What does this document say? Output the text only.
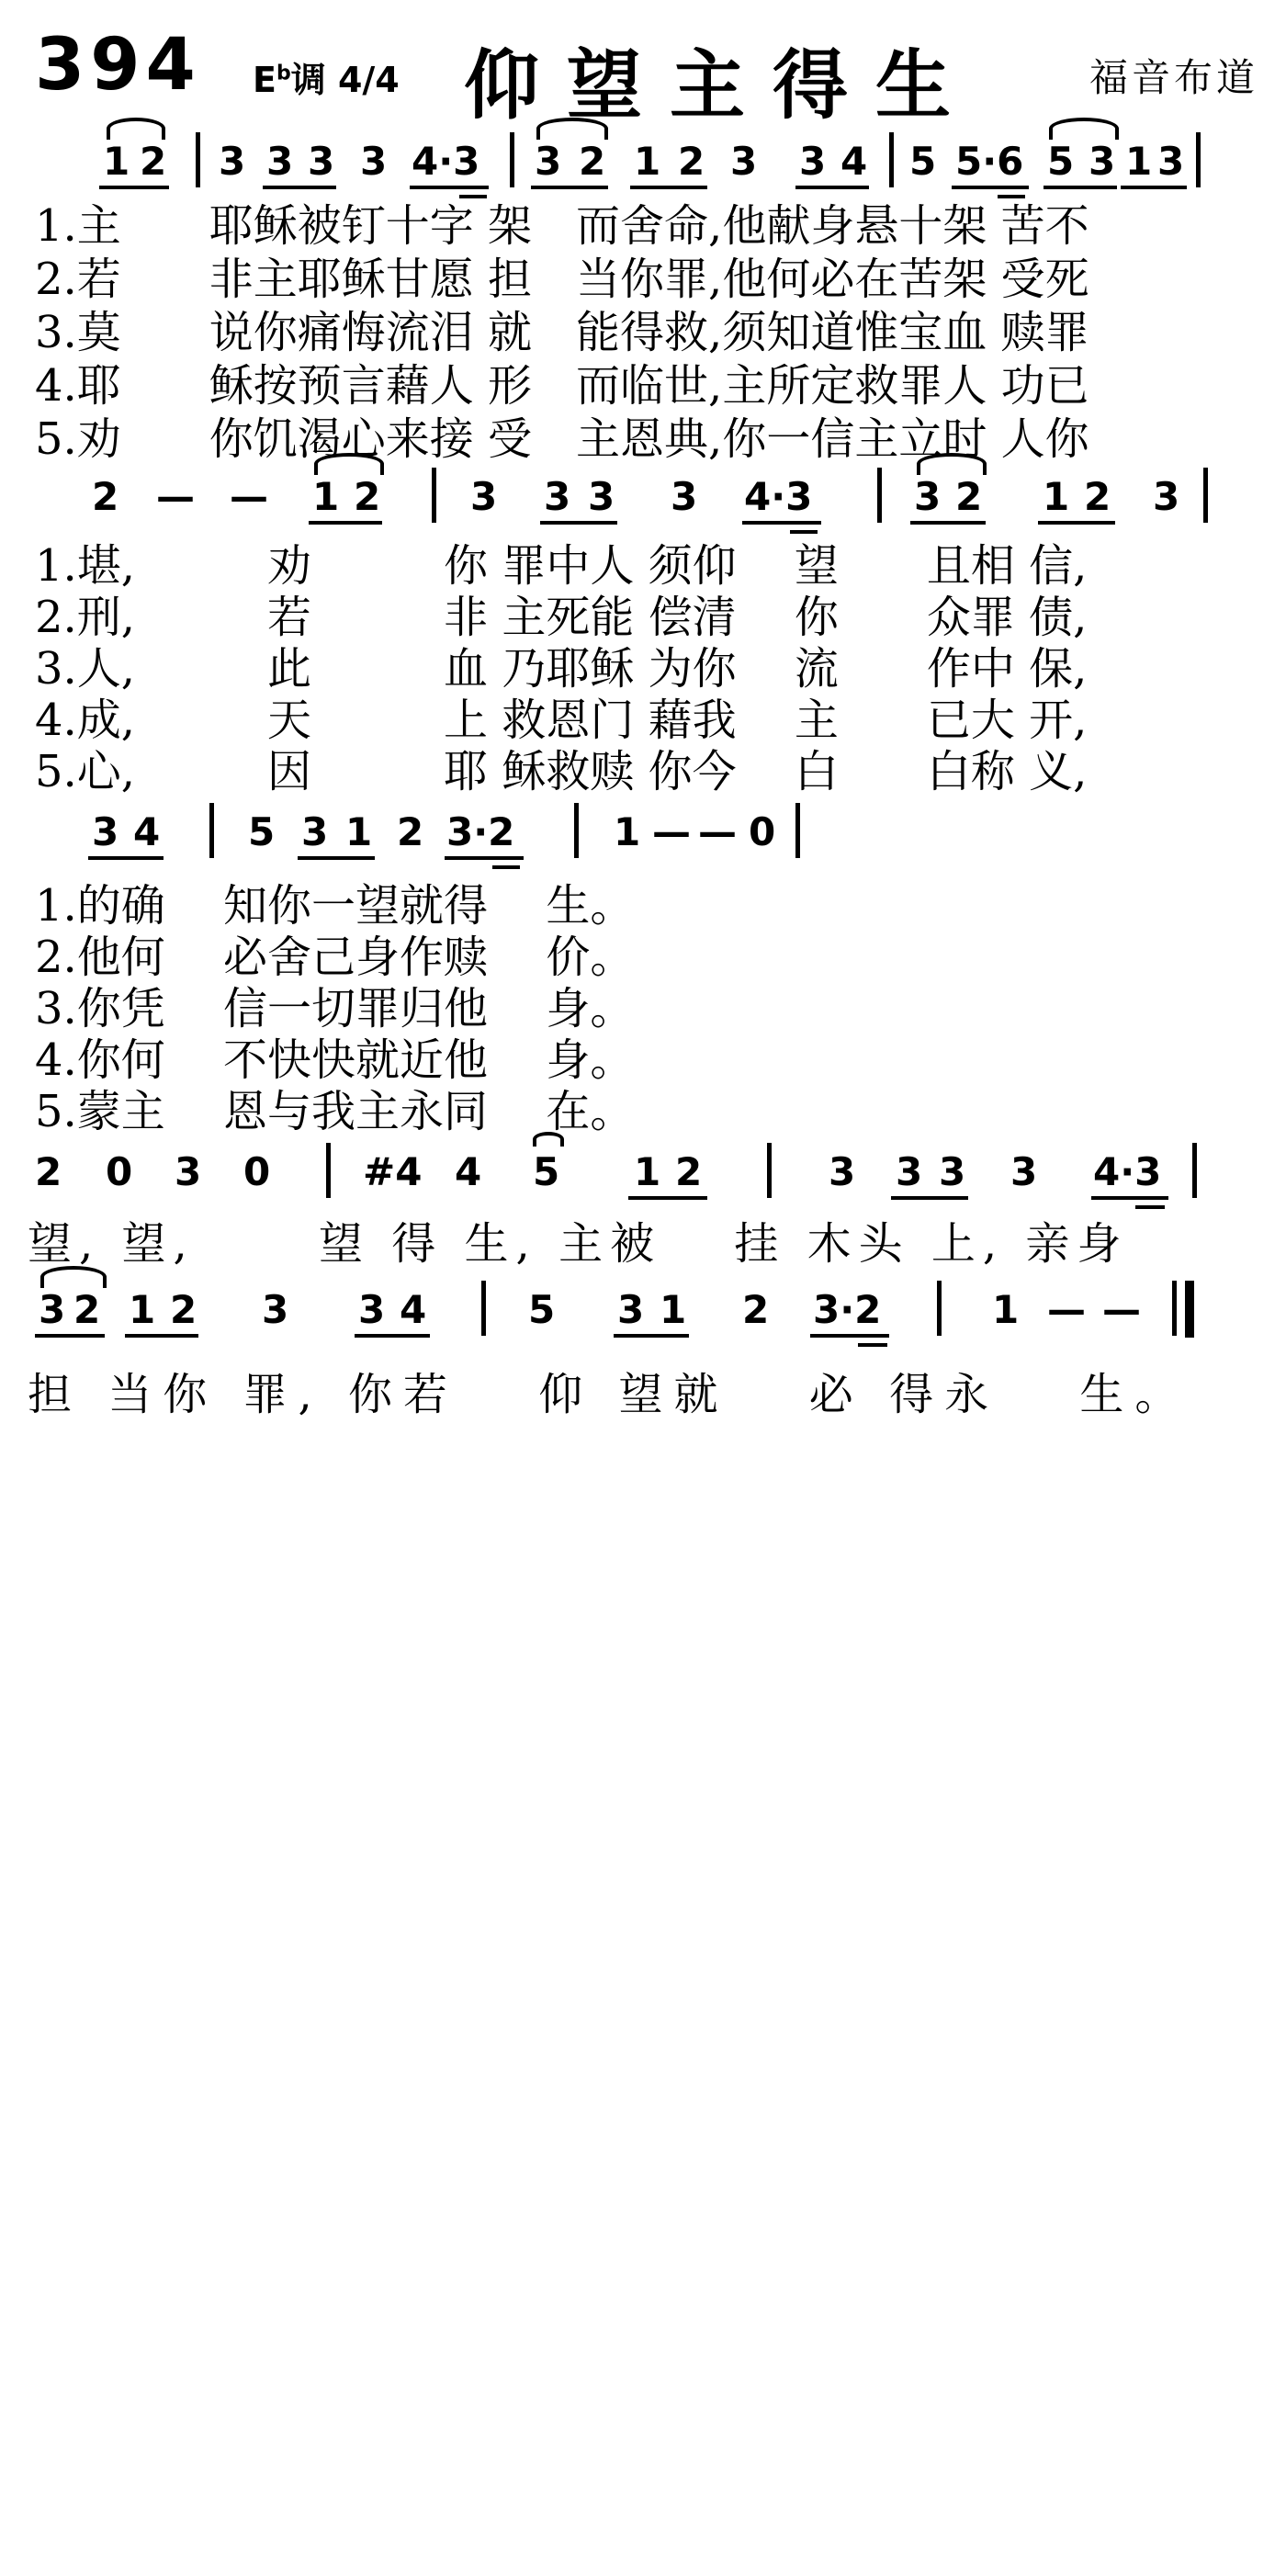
394 $E^b$调 4/4 仰望主得生	福音布道

1

2

3

3

3

3

4·3

3

2

1

2

3

3

4

5

5·6

5

3

1

3

1.主　　耶稣被钉十字 架　而舍命,他献身悬十架 苦不

2.若　　非主耶稣甘愿 担　当你罪,他何必在苦架 受死

3.莫　　说你痛悔流泪 就　能得救,须知道惟宝血 赎罪

4.耶　　稣按预言藉人 形　而临世,主所定救罪人 功已

5.劝　　你饥渴心来接 受　主恩典,你一信主立时 人你

2

—

—

1

2

3

3

3

3

4·3

	3

2

1

2

3

1.堪,　　　劝　　　你 罪中人 须仰　 望　　且相 信,

2.刑,　　　若　　　非 主死能 偿清　 你　　众罪 债,

3.人,　　　此　　　血 乃耶稣 为你　 流　　作中 保,

4.成,　　　天　　　上 救恩门 藉我　 主　　已大 开,

5.心,　　　因　　　耶 稣救赎 你今　 白　　白称 义,

3

4

5

3

1

2

3·2

	1

—

—

0

1.的确　 知你一望就得　 生。

2.他何　 必舍己身作赎　 价。

3.你凭　 信一切罪归他　 身。

4.你何　 不快快就近他　 身。

5.蒙主　 恩与我主永同　 在。

2

0

3

0

#4

4

5

1

2

	3

3

3

3

4·3

望, 望,　　 望 得 生, 主被　 挂 木头 上, 亲身

3

2

1

2

3

3

4

	5

3

1

2

3·2

	1

—

—

担 当你 罪, 你若　 仰 望就　 必 得永　 生。
